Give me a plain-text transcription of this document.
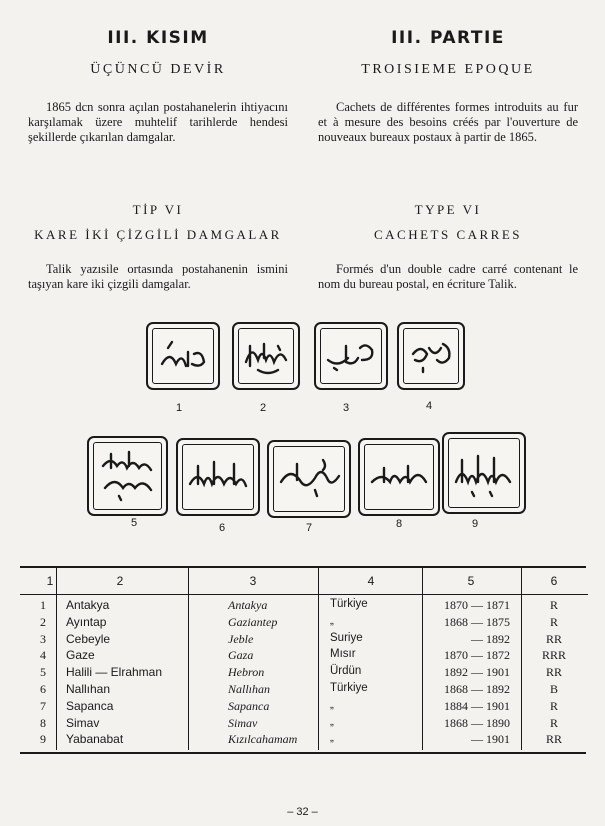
III. KISIM
ÜÇÜNCÜ DEVİR
1865 dcn sonra açılan postahanelerin ihtiyacını karşılamak üzere muhtelif tarihlerde hendesi şekillerde çıkarılan damgalar.
TİP VI
KARE İKİ ÇİZGİLİ DAMGALAR
Talik yazısile ortasında postahanenin ismini taşıyan kare iki çizgili damgalar.
III. PARTIE
TROISIEME EPOQUE
Cachets de différentes formes introduits au fur et à mesure des besoins créés par l'ouverture de nouveaux bureaux postaux à partir de 1865.
TYPE VI
CACHETS CARRES
Formés d'un double cadre carré contenant le nom du bureau postal, en écriture Talik.
1	2	3	4
5	6	7	8	9
1	2	3	4	5	6
1 Antakya	Antakya	Türkiye	1870 — 1871	R
2 Ayıntap	Gaziantep	„	1868 — 1875	R
3 Cebeyle	Jeble	Suriye	— 1892	RR
4 Gaze	Gaza	Mısır	1870 — 1872	RRR
5 Halili — Elrahman	Hebron	Ürdün	1892 — 1901	RR
6 Nallıhan	Nallıhan	Türkiye	1868 — 1892	B
7 Sapanca	Sapanca	„	1884 — 1901	R
8 Simav	Simav	„	1868 — 1890	R
9 Yabanabat	Kızılcahamam	„	— 1901	RR
– 32 –
